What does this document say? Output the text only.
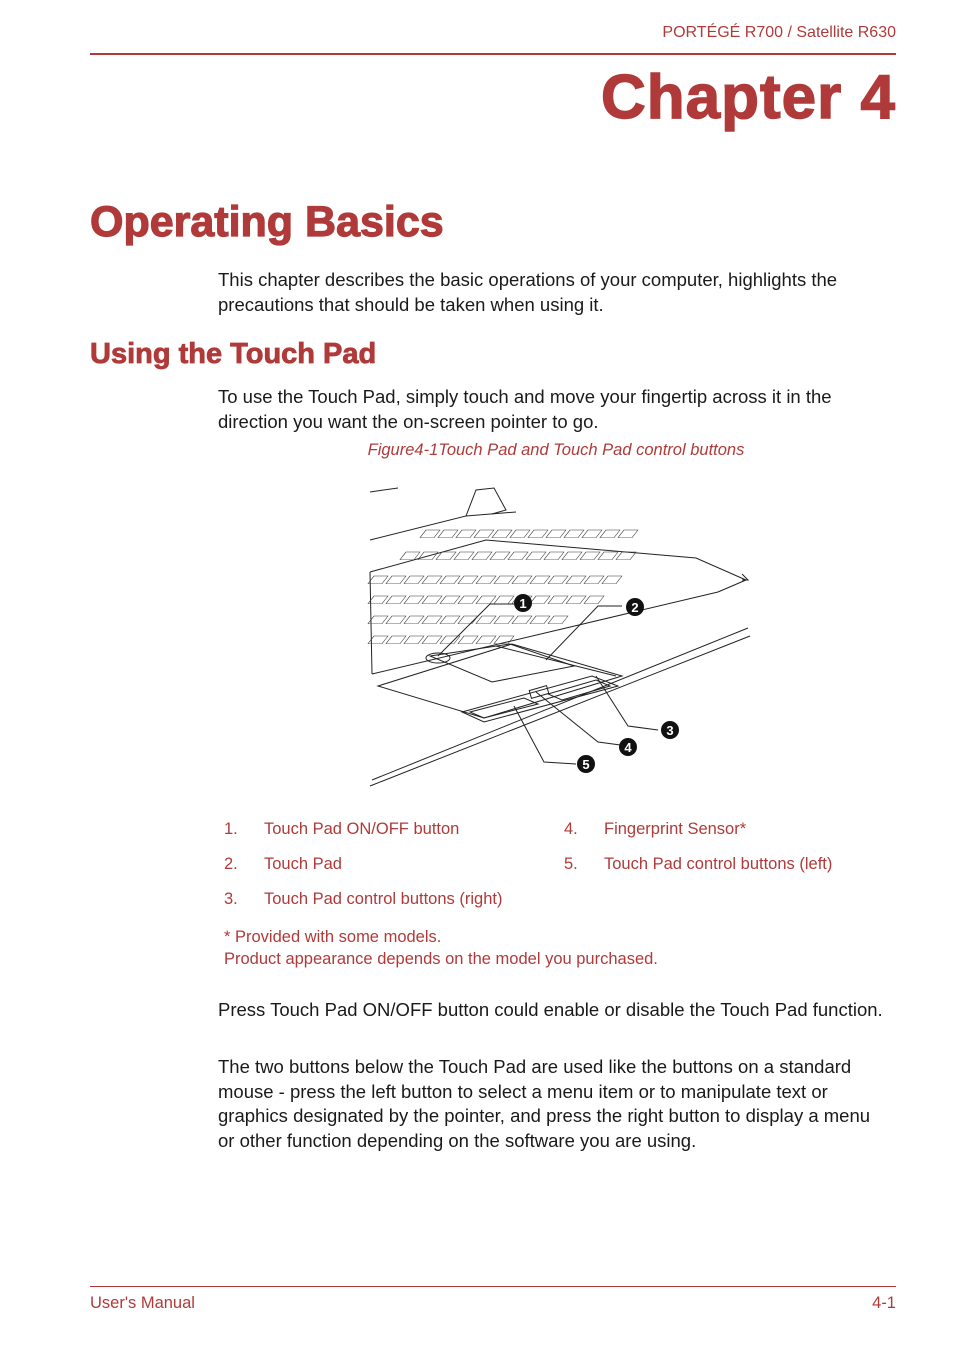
PORTÉGÉ R700 / Satellite R630
Chapter 4
Operating Basics

This chapter describes the basic operations of your computer, highlights the precautions that should be taken when using it.

Using the Touch Pad

To use the Touch Pad, simply touch and move your fingertip across it in the direction you want the on-screen pointer to go.

Figure4-1Touch Pad and Touch Pad control buttons
1	2
3
4
5
1. Touch Pad ON/OFF button
2. Touch Pad
3. Touch Pad control buttons (right)
4. Fingerprint Sensor*
5. Touch Pad control buttons (left)
* Provided with some models.
Product appearance depends on the model you purchased.

Press Touch Pad ON/OFF button could enable or disable the Touch Pad function.

The two buttons below the Touch Pad are used like the buttons on a standard mouse - press the left button to select a menu item or to manipulate text or graphics designated by the pointer, and press the right button to display a menu or other function depending on the software you are using.

User's Manual	4-1
